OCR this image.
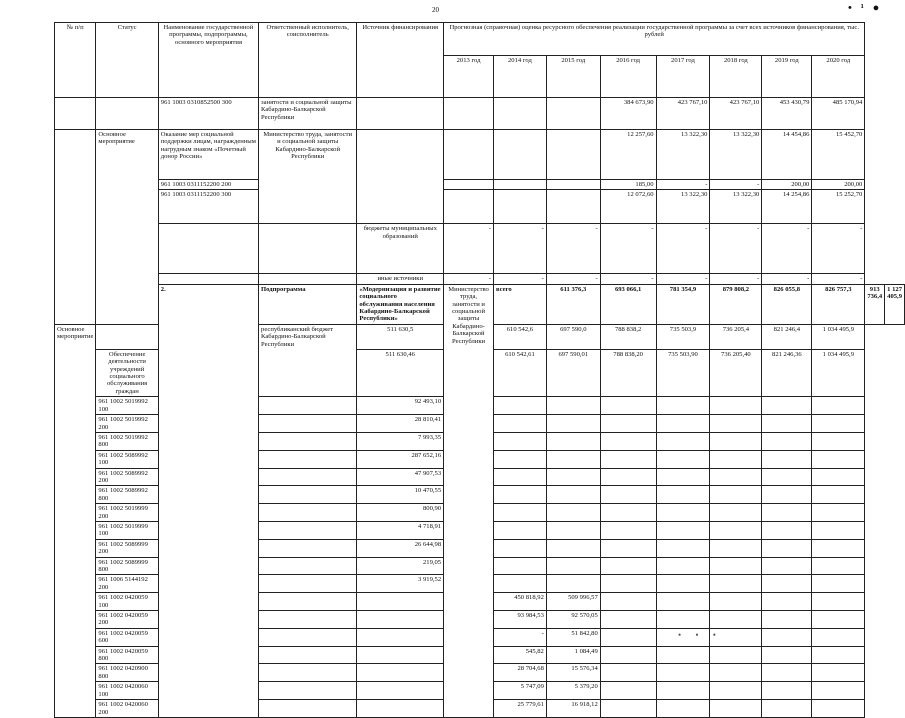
20	• ¹ ●
• • •
№ п/п	Статус	Наименование государственной программы, подпрограммы, основного мероприятия	Ответственный исполнитель, соисполнитель	Источник финансирования	Прогнозная (справочная) оценка ресурсного обеспечения реализации государственной программы за счет всех источников финансирования, тыс. рублей									
					2013 год	2014 год	2015 год	2016 год	2017 год	2018 год	2019 год	2020 год		
		961 1003 0310852500 300	занятости и социальной защиты Кабардино-Балкарской Республики					384 673,90	423 767,10	423 767,10	453 430,79	485 170,94		
	Основное мероприятие	Оказание мер социальной поддержки лицам, награжденным нагрудным знаком «Почетный донор России»	Министерство труда, занятости и социальной защиты Кабардино-Балкарской Республики					12 257,60	13 322,30	13 322,30	14 454,86	15 452,70		
		961 1003 0311152200 200						185,00	-	-	200,00	200,00		
		961 1003 0311152200 300						12 072,60	13 322,30	13 322,30	14 254,86	15 252,70		
				бюджеты муниципальных образований	-	-	-	-	-	-	-	-		
				иные источники	-	-	-	-	-	-	-	-		
		2.	Подпрограмма	«Модернизация и развитие социального обслуживания населения Кабардино-Балкарской Республики»	Министерство труда, занятости и социальной защиты Кабардино-Балкарской Республики	всего	611 376,3	693 066,1	781 354,9	879 808,2	826 055,8	826 757,3	913 736,4	1 127 405,9
Основное мероприятие			республиканский бюджет Кабардино-Балкарской Республики	511 630,5		610 542,6	697 590,0	788 838,2	735 503,9	736 205,4	821 246,4	1 034 495,9		
	Обеспечение деятельности учреждений социального обслуживания граждан			511 630,46		610 542,61	697 590,01	788 838,20	735 503,90	736 205,40	821 246,36	1 034 495,9		
	961 1002 5019992 100			92 493,10										
	961 1002 5019992 200			28 810,41										
	961 1002 5019992 800			7 993,35										
	961 1002 5089992 100			287 652,16										
	961 1002 5089992 200			47 907,53										
	961 1002 5089992 800			10 470,55										
	961 1002 5019999 200			800,90										
	961 1002 5019999 100			4 718,91										
	961 1002 5089999 200			26 644,98										
	961 1002 5089999 800			219,05										
	961 1006 5144192 200			3 919,52										
	961 1002 0420059 100					450 818,92	509 996,57							
	961 1002 0420059 200					93 984,53	92 570,05							
	961 1002 0420059 600					-	51 842,80							
	961 1002 0420059 800					545,82	1 084,49							
	961 1002 0420900 800					28 704,68	15 576,34							
	961 1002 0420060 100					5 747,09	5 379,20							
	961 1002 0420060 200					25 779,61	16 918,12							
